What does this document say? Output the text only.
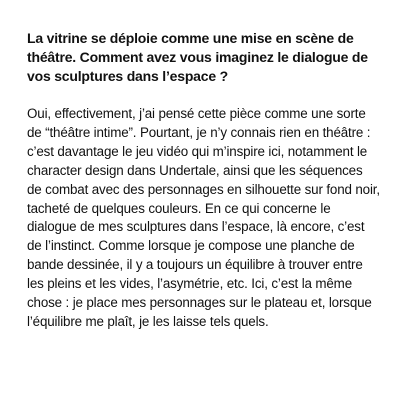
La vitrine se déploie comme une mise en scène de théâtre. Comment avez vous imaginez le dialogue de vos sculptures dans l’espace ?

Oui, effectivement, j’ai pensé cette pièce comme une sorte de “théâtre intime”. Pourtant, je n’y connais rien en théâtre : c’est davantage le jeu vidéo qui m’inspire ici, notamment le character design dans Undertale, ainsi que les séquences de combat avec des personnages en silhouette sur fond noir, tacheté de quelques couleurs. En ce qui concerne le dialogue de mes sculptures dans l’espace, là encore, c’est de l’instinct. Comme lorsque je compose une planche de bande dessinée, il y a toujours un équilibre à trouver entre les pleins et les vides, l’asymétrie, etc. Ici, c’est la même chose : je place mes personnages sur le plateau et, lorsque l’équilibre me plaît, je les laisse tels quels.
